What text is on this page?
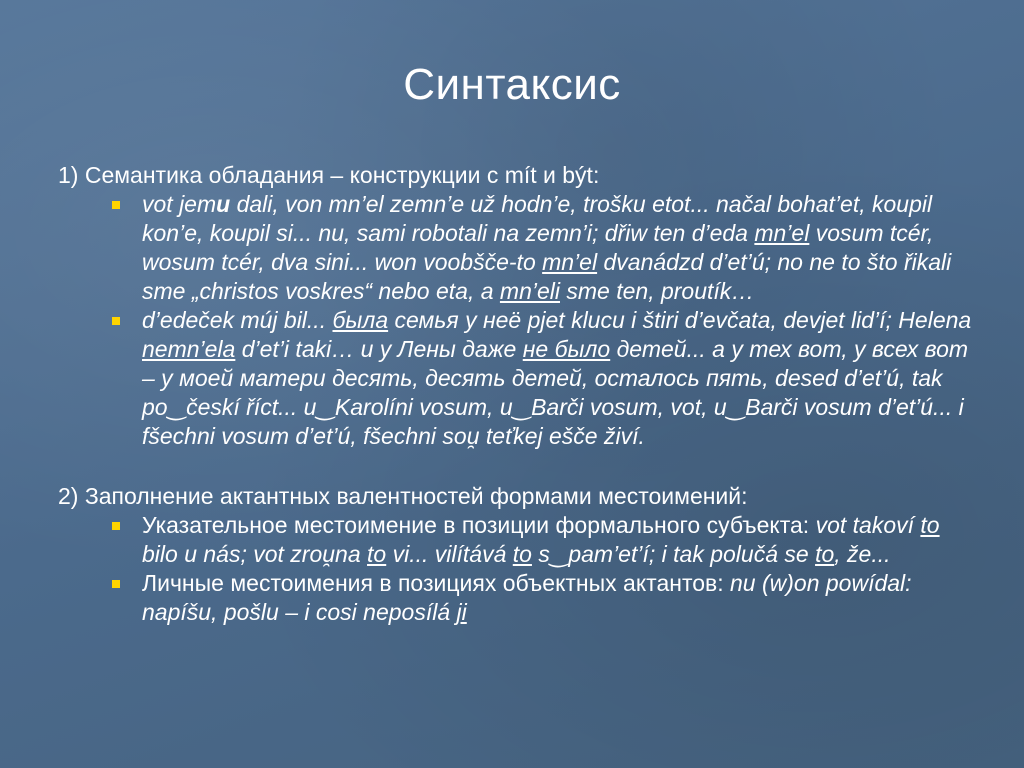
Синтаксис

1) Семантика обладания – конструкции с mít и být:

vot jemu dali, von mn’el zemn’e už hodn’e, trošku etot... načal bohat’et, koupil kon’e, koupil si... nu, sami robotali na zemn’i; dřiw ten d’eda mn’el vosum tcér, wosum tcér, dva sini... won voobšče-to mn’el dvanádzd d’et’ú; no ne to što řikali sme „christos voskres“ nebo eta, a mn’eli sme ten, proutík…
d’edeček múj bil... была семья у неё pjet klucu i štiri d’evčata, devjet lid’í; Helena nemn’ela d’et’i taki… и у Лены даже не было детей... а у тех вот, у всех вот – у моей матери десять, десять детей, осталось пять, desed d’et’ú, tak po‿českí říct... u‿Karolíni vosum, u‿Barči vosum, vot, u‿Barči vosum d’et’ú... i fšechni vosum d’et’ú, fšechni sou̯ teťkej ešče živí.

2) Заполнение актантных валентностей формами местоимений:

Указательное местоимение в позиции формального субъекта: vot takoví to bilo u nás; vot zrou̯na to vi... vilítává to s‿pam’et’í; i tak polučá se to, že...
Личные местоимения в позициях объектных актантов: nu (w)on powídal: napíšu, pošlu – i cosi neposílá ji
